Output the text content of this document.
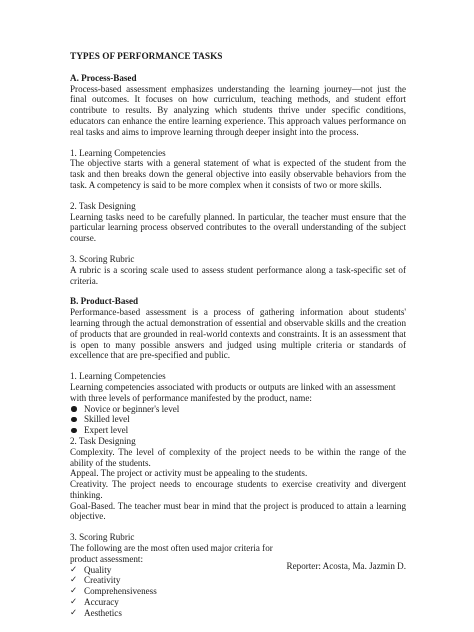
TYPES OF PERFORMANCE TASKS

A. Process-Based

Process-based assessment emphasizes understanding the learning journey—not just the final outcomes. It focuses on how curriculum, teaching methods, and student effort contribute to results. By analyzing which students thrive under specific conditions, educators can enhance the entire learning experience. This approach values performance on real tasks and aims to improve learning through deeper insight into the process.

1. Learning Competencies

The objective starts with a general statement of what is expected of the student from the task and then breaks down the general objective into easily observable behaviors from the task. A competency is said to be more complex when it consists of two or more skills.

2. Task Designing

Learning tasks need to be carefully planned. In particular, the teacher must ensure that the particular learning process observed contributes to the overall understanding of the subject course.

3. Scoring Rubric

A rubric is a scoring scale used to assess student performance along a task-specific set of criteria.

B. Product-Based

Performance-based assessment is a process of gathering information about students' learning through the actual demonstration of essential and observable skills and the creation of products that are grounded in real-world contexts and constraints. It is an assessment that is open to many possible answers and judged using multiple criteria or standards of excellence that are pre-specified and public.

1. Learning Competencies

Learning competencies associated with products or outputs are linked with an assessment with three levels of performance manifested by the product, name:

Novice or beginner's level
Skilled level
Expert level

2. Task Designing

Complexity. The level of complexity of the project needs to be within the range of the ability of the students.

Appeal. The project or activity must be appealing to the students.

Creativity. The project needs to encourage students to exercise creativity and divergent thinking.

Goal-Based. The teacher must bear in mind that the project is produced to attain a learning objective.

3. Scoring Rubric

The following are the most often used major criteria for

product assessment:

✓ Quality
✓ Creativity
✓ Comprehensiveness
✓ Accuracy
✓ Aesthetics

Reporter: Acosta, Ma. Jazmin D.
